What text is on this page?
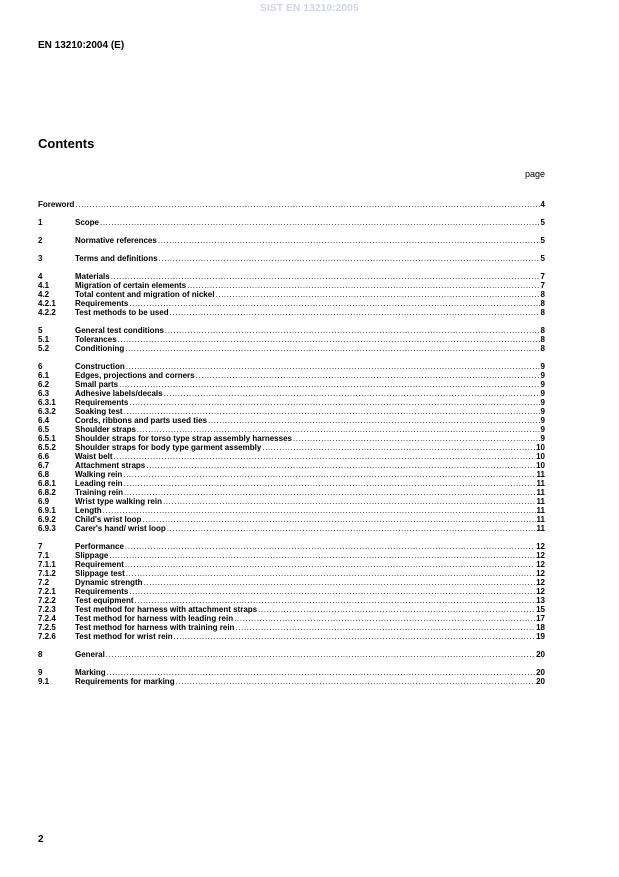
SIST EN 13210:2005
EN 13210:2004 (E)
Contents
page
Foreword .....	4
1	Scope .....	5
2	Normative references .....	5
3	Terms and definitions .....	5
4	Materials .....	7
4.1	Migration of certain elements .....	7
4.2	Total content and migration of nickel .....	8
4.2.1	Requirements .....	8
4.2.2	Test methods to be used .....	8
5	General test conditions .....	8
5.1	Tolerances .....	8
5.2	Conditioning .....	8
6	Construction .....	9
6.1	Edges, projections and corners .....	9
6.2	Small parts .....	9
6.3	Adhesive labels/decals .....	9
6.3.1	Requirements .....	9
6.3.2	Soaking test .....	9
6.4	Cords, ribbons and parts used ties .....	9
6.5	Shoulder straps .....	9
6.5.1	Shoulder straps for torso type strap assembly harnesses .....	9
6.5.2	Shoulder straps for body type garment assembly .....	10
6.6	Waist belt .....	10
6.7	Attachment straps .....	10
6.8	Walking rein .....	11
6.8.1	Leading rein .....	11
6.8.2	Training rein .....	11
6.9	Wrist type walking rein .....	11
6.9.1	Length .....	11
6.9.2	Child's wrist loop .....	11
6.9.3	Carer's hand/ wrist loop .....	11
7	Performance .....	12
7.1	Slippage .....	12
7.1.1	Requirement .....	12
7.1.2	Slippage test .....	12
7.2	Dynamic strength .....	12
7.2.1	Requirements .....	12
7.2.2	Test equipment .....	13
7.2.3	Test method for harness with attachment straps .....	15
7.2.4	Test method for harness with leading rein .....	17
7.2.5	Test method for harness with training rein .....	18
7.2.6	Test method for wrist rein .....	19
8	General .....	20
9	Marking .....	20
9.1	Requirements for marking .....	20
2
